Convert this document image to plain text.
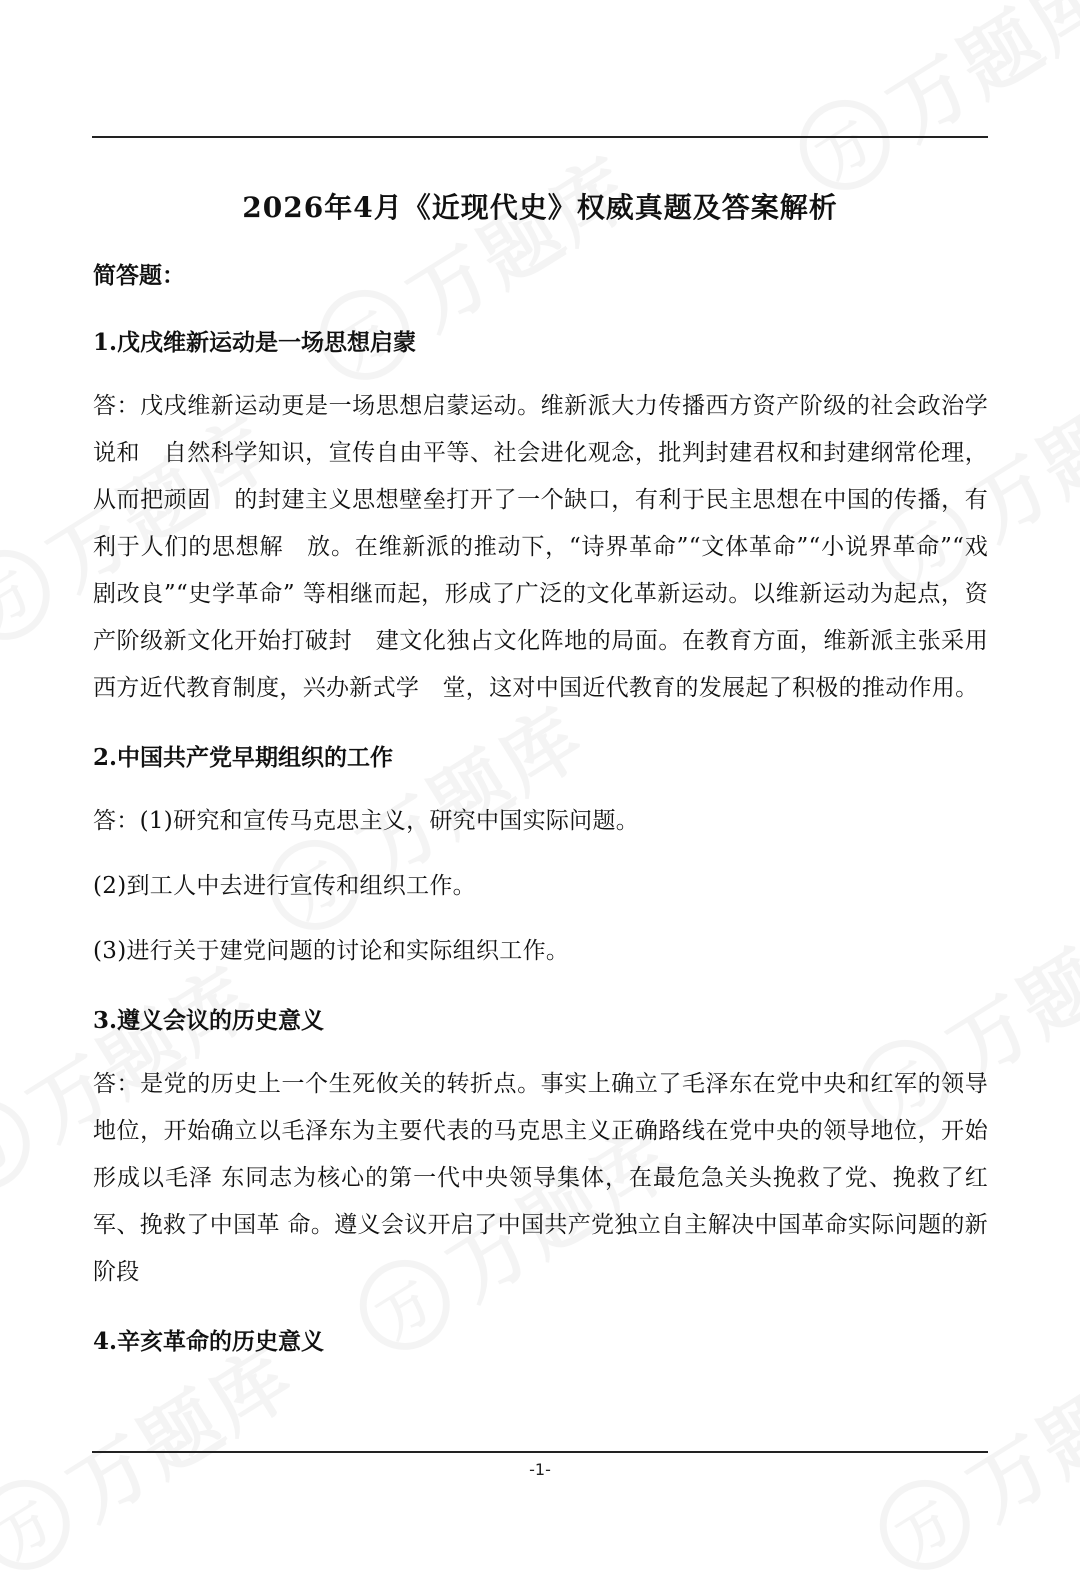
2026年4月《近现代史》权威真题及答案解析

简答题：

1.戊戌维新运动是一场思想启蒙

答：戊戌维新运动更是一场思想启蒙运动。维新派大力传播西方资产阶级的社会政治学说和　自然科学知识，宣传自由平等、社会进化观念，批判封建君权和封建纲常伦理，从而把顽固　的封建主义思想壁垒打开了一个缺口，有利于民主思想在中国的传播，有利于人们的思想解　放。在维新派的推动下，“诗界革命”“文体革命”“小说界革命”“戏剧改良”“史学革命” 等相继而起，形成了广泛的文化革新运动。以维新运动为起点，资产阶级新文化开始打破封　建文化独占文化阵地的局面。在教育方面，维新派主张采用西方近代教育制度，兴办新式学　堂，这对中国近代教育的发展起了积极的推动作用。

2.中国共产党早期组织的工作

答：(1)研究和宣传马克思主义，研究中国实际问题。

(2)到工人中去进行宣传和组织工作。

(3)进行关于建党问题的讨论和实际组织工作。

3.遵义会议的历史意义

答：是党的历史上一个生死攸关的转折点。事实上确立了毛泽东在党中央和红军的领导地位，开始确立以毛泽东为主要代表的马克思主义正确路线在党中央的领导地位，开始形成以毛泽 东同志为核心的第一代中央领导集体，在最危急关头挽救了党、挽救了红军、挽救了中国革 命。遵义会议开启了中国共产党独立自主解决中国革命实际问题的新阶段

4.辛亥革命的历史意义

-1-
